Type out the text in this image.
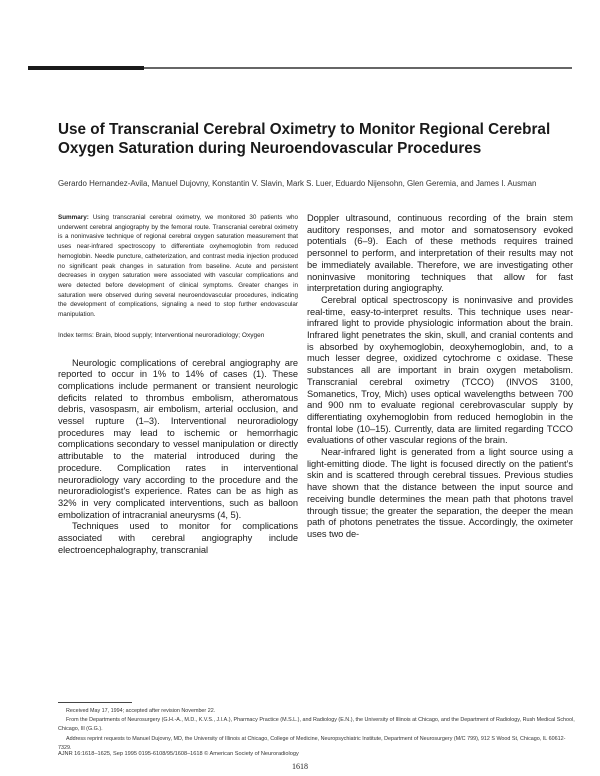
Use of Transcranial Cerebral Oximetry to Monitor Regional Cerebral Oxygen Saturation during Neuroendovascular Procedures
Gerardo Hernandez-Avila, Manuel Dujovny, Konstantin V. Slavin, Mark S. Luer, Eduardo Nijensohn, Glen Geremia, and James I. Ausman

Summary: Using transcranial cerebral oximetry, we monitored 30 patients who underwent cerebral angiography by the femoral route. Transcranial cerebral oximetry is a noninvasive technique of regional cerebral oxygen saturation measurement that uses near-infrared spectroscopy to differentiate oxyhemoglobin from reduced hemoglobin. Needle puncture, catheterization, and contrast media injection produced no significant peak changes in saturation from baseline. Acute and persistent decreases in oxygen saturation were associated with vascular complications and were detected before development of clinical symptoms. Greater changes in saturation were observed during several neuroendovascular procedures, indicating the development of complications, signaling a need to stop further endovascular manipulation.

Index terms: Brain, blood supply; Interventional neuroradiology; Oxygen

Neurologic complications of cerebral angiography are reported to occur in 1% to 14% of cases (1). These complications include permanent or transient neurologic deficits related to thrombus embolism, atheromatous debris, vasospasm, air embolism, arterial occlusion, and vessel rupture (1–3). Interventional neuroradiology procedures may lead to ischemic or hemorrhagic complications secondary to vessel manipulation or directly attributable to the material introduced during the procedure. Complication rates in interventional neuroradiology vary according to the procedure and the neuroradiologist’s experience. Rates can be as high as 32% in very complicated interventions, such as balloon embolization of intracranial aneurysms (4, 5).

Techniques used to monitor for complications associated with cerebral angiography include electroencephalography, transcranial

Doppler ultrasound, continuous recording of the brain stem auditory responses, and motor and somatosensory evoked potentials (6–9). Each of these methods requires trained personnel to perform, and interpretation of their results may not be immediately available. Therefore, we are investigating other noninvasive monitoring techniques that allow for fast interpretation during angiography.

Cerebral optical spectroscopy is noninvasive and provides real-time, easy-to-interpret results. This technique uses near-infrared light to provide physiologic information about the brain. Infrared light penetrates the skin, skull, and cranial contents and is absorbed by oxyhemoglobin, deoxyhemoglobin, and, to a much lesser degree, oxidized cytochrome c oxidase. These substances all are important in brain oxygen metabolism. Transcranial cerebral oximetry (TCCO) (INVOS 3100, Somanetics, Troy, Mich) uses optical wavelengths between 700 and 900 nm to evaluate regional cerebrovascular supply by differentiating oxyhemoglobin from reduced hemoglobin in the frontal lobe (10–15). Currently, data are limited regarding TCCO evaluations of other vascular regions of the brain.

Near-infrared light is generated from a light source using a light-emitting diode. The light is focused directly on the patient’s skin and is scattered through cerebral tissues. Previous studies have shown that the distance between the input source and receiving bundle determines the mean path that photons travel through tissue; the greater the separation, the deeper the mean path of photons penetrates the tissue. Accordingly, the oximeter uses two de-

Received May 17, 1994; accepted after revision November 22.

From the Departments of Neurosurgery (G.H.-A., M.D., K.V.S., J.I.A.), Pharmacy Practice (M.S.L.), and Radiology (E.N.), the University of Illinois at Chicago, and the Department of Radiology, Rush Medical School, Chicago, Ill (G.G.).

Address reprint requests to Manuel Dujovny, MD, the University of Illinois at Chicago, College of Medicine, Neuropsychiatric Institute, Department of Neurosurgery (M/C 799), 912 S Wood St, Chicago, IL 60612-7329.

AJNR 16:1618–1625, Sep 1995 0195-6108/95/1608–1618 © American Society of Neuroradiology
1618
